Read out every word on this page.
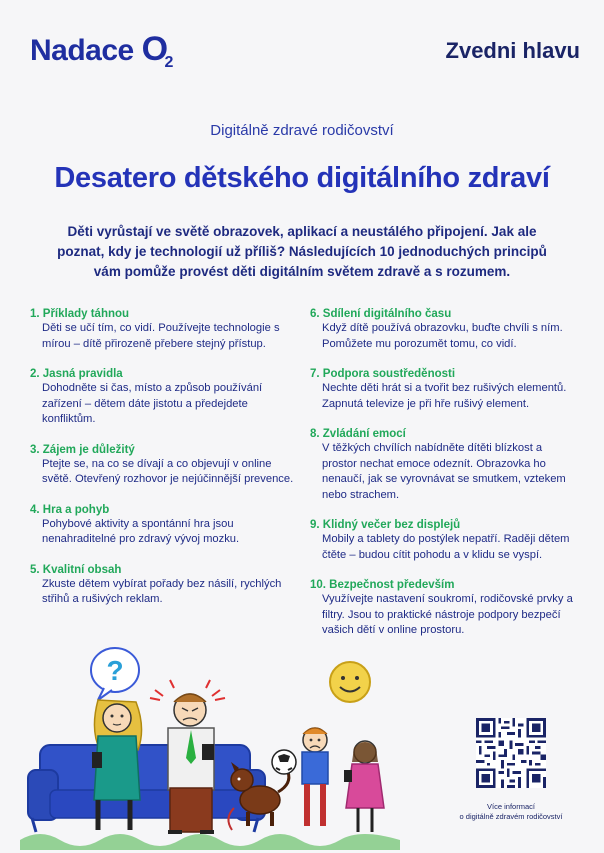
Nadace $O_2$	Zvedni hlavu
Digitálně zdravé rodičovství
Desatero dětského digitálního zdraví
Děti vyrůstají ve světě obrazovek, aplikací a neustálého připojení. Jak ale poznat, kdy je technologií už příliš? Následujících 10 jednoduchých principů vám pomůže provést děti digitálním světem zdravě a s rozumem.
1. Příklady táhnou

Děti se učí tím, co vidí. Používejte technologie s mírou – dítě přirozeně přebere stejný přístup.

2. Jasná pravidla

Dohodněte si čas, místo a způsob používání zařízení – dětem dáte jistotu a předejdete konfliktům.

3. Zájem je důležitý

Ptejte se, na co se dívají a co objevují v online světě. Otevřený rozhovor je nejúčinnější prevence.

4. Hra a pohyb

Pohybové aktivity a spontánní hra jsou nenahraditelné pro zdravý vývoj mozku.

5. Kvalitní obsah

Zkuste dětem vybírat pořady bez násilí, rychlých střihů a rušivých reklam.

6. Sdílení digitálního času

Když dítě používá obrazovku, buďte chvíli s ním. Pomůžete mu porozumět tomu, co vidí.

7. Podpora soustředěnosti

Nechte děti hrát si a tvořit bez rušivých elementů. Zapnutá televize je při hře rušivý element.

8. Zvládání emocí

V těžkých chvílích nabídněte dítěti blízkost a prostor nechat emoce odeznít. Obrazovka ho nenaučí, jak se vyrovnávat se smutkem, vztekem nebo strachem.

9. Klidný večer bez displejů

Mobily a tablety do postýlek nepatří. Raději dětem čtěte – budou cítit pohodu a v klidu se vyspí.

10. Bezpečnost především

Využívejte nastavení soukromí, rodičovské prvky a filtry. Jsou to praktické nástroje podpory bezpečí vašich dětí v online prostoru.

?
Více informací
o digitálně zdravém rodičovství
